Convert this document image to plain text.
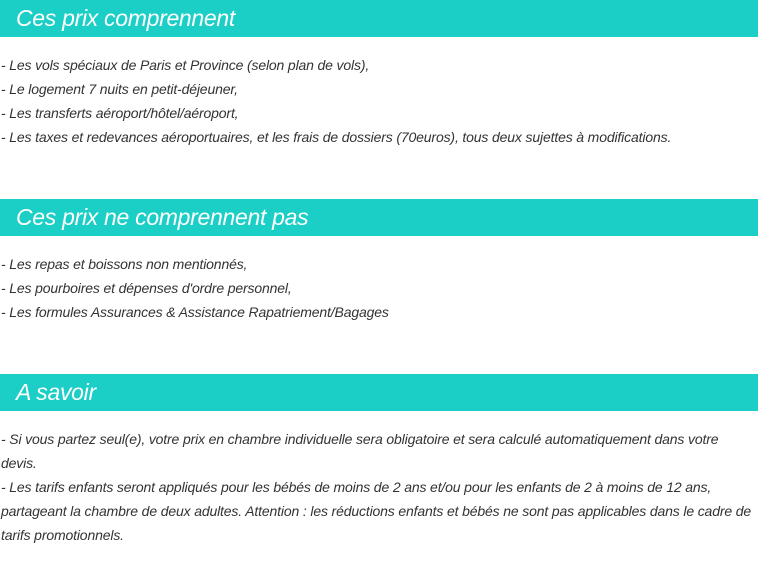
Ces prix comprennent
- Les vols spéciaux de Paris et Province (selon plan de vols),
- Le logement 7 nuits en petit-déjeuner,
- Les transferts aéroport/hôtel/aéroport,
- Les taxes et redevances aéroportuaires, et les frais de dossiers (70euros), tous deux sujettes à modifications.
Ces prix ne comprennent pas
- Les repas et boissons non mentionnés,
- Les pourboires et dépenses d'ordre personnel,
- Les formules Assurances & Assistance Rapatriement/Bagages
A savoir
- Si vous partez seul(e), votre prix en chambre individuelle sera obligatoire et sera calculé automatiquement dans votre devis.
- Les tarifs enfants seront appliqués pour les bébés de moins de 2 ans et/ou pour les enfants de 2 à moins de 12 ans, partageant la chambre de deux adultes. Attention : les réductions enfants et bébés ne sont pas applicables dans le cadre de tarifs promotionnels.
